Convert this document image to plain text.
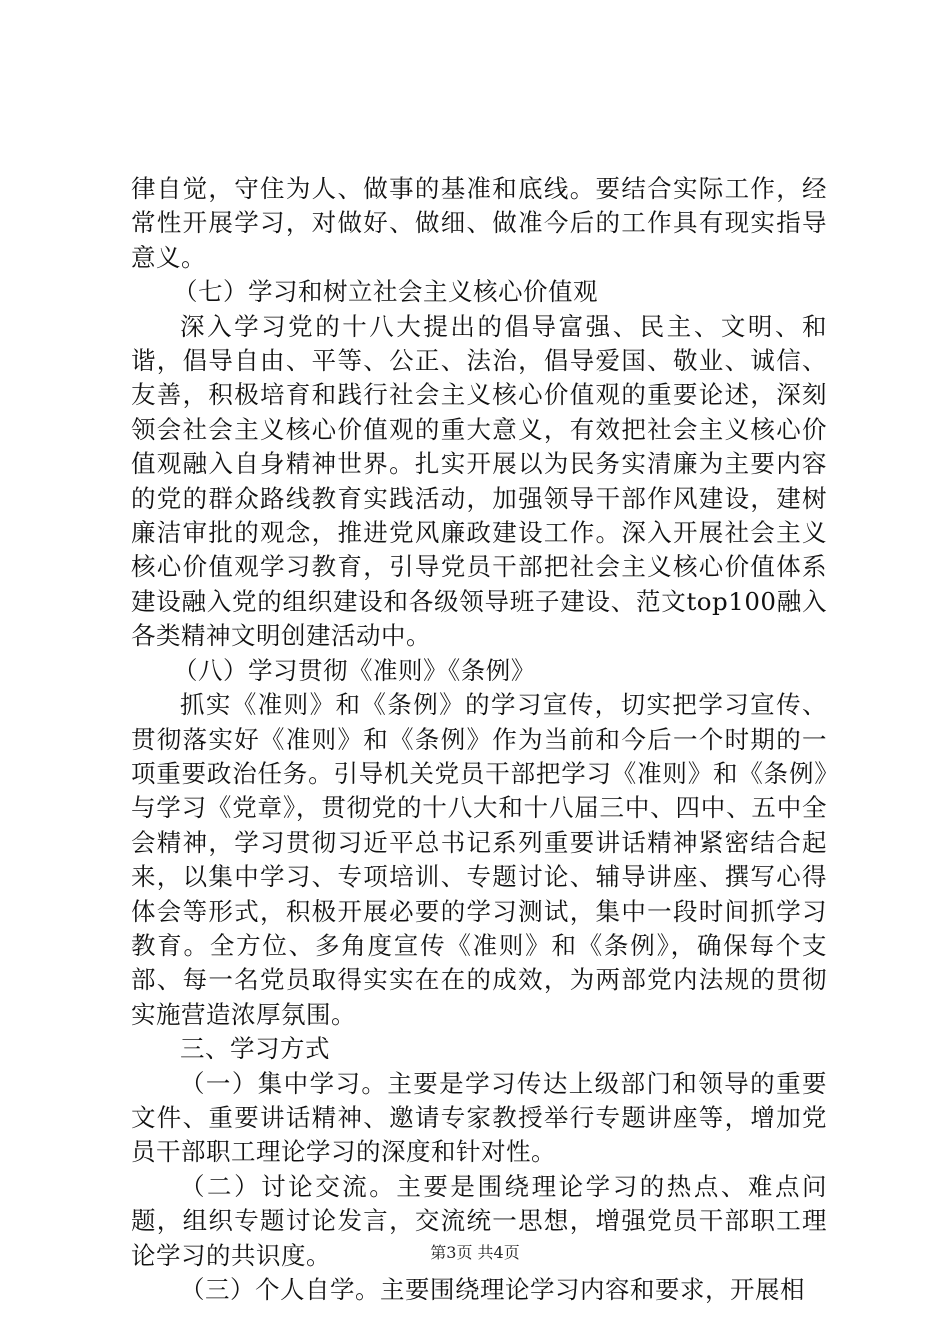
律自觉，守住为人、做事的基准和底线。要结合实际工作，经常性开展学习，对做好、做细、做准今后的工作具有现实指导意义。

（七）学习和树立社会主义核心价值观

深入学习党的十八大提出的倡导富强、民主、文明、和谐，倡导自由、平等、公正、法治，倡导爱国、敬业、诚信、友善，积极培育和践行社会主义核心价值观的重要论述，深刻领会社会主义核心价值观的重大意义，有效把社会主义核心价值观融入自身精神世界。扎实开展以为民务实清廉为主要内容的党的群众路线教育实践活动，加强领导干部作风建设，建树廉洁审批的观念，推进党风廉政建设工作。深入开展社会主义核心价值观学习教育，引导党员干部把社会主义核心价值体系建设融入党的组织建设和各级领导班子建设、范文top100融入各类精神文明创建活动中。

（八）学习贯彻《准则》《条例》

抓实《准则》和《条例》的学习宣传，切实把学习宣传、贯彻落实好《准则》和《条例》作为当前和今后一个时期的一项重要政治任务。引导机关党员干部把学习《准则》和《条例》与学习《党章》，贯彻党的十八大和十八届三中、四中、五中全会精神，学习贯彻习近平总书记系列重要讲话精神紧密结合起来，以集中学习、专项培训、专题讨论、辅导讲座、撰写心得体会等形式，积极开展必要的学习测试，集中一段时间抓学习教育。全方位、多角度宣传《准则》和《条例》，确保每个支部、每一名党员取得实实在在的成效，为两部党内法规的贯彻实施营造浓厚氛围。

三、学习方式

（一）集中学习。主要是学习传达上级部门和领导的重要文件、重要讲话精神、邀请专家教授举行专题讲座等，增加党员干部职工理论学习的深度和针对性。

（二）讨论交流。主要是围绕理论学习的热点、难点问题，组织专题讨论发言，交流统一思想，增强党员干部职工理论学习的共识度。

（三）个人自学。主要围绕理论学习内容和要求，开展相

第3页 共4页
